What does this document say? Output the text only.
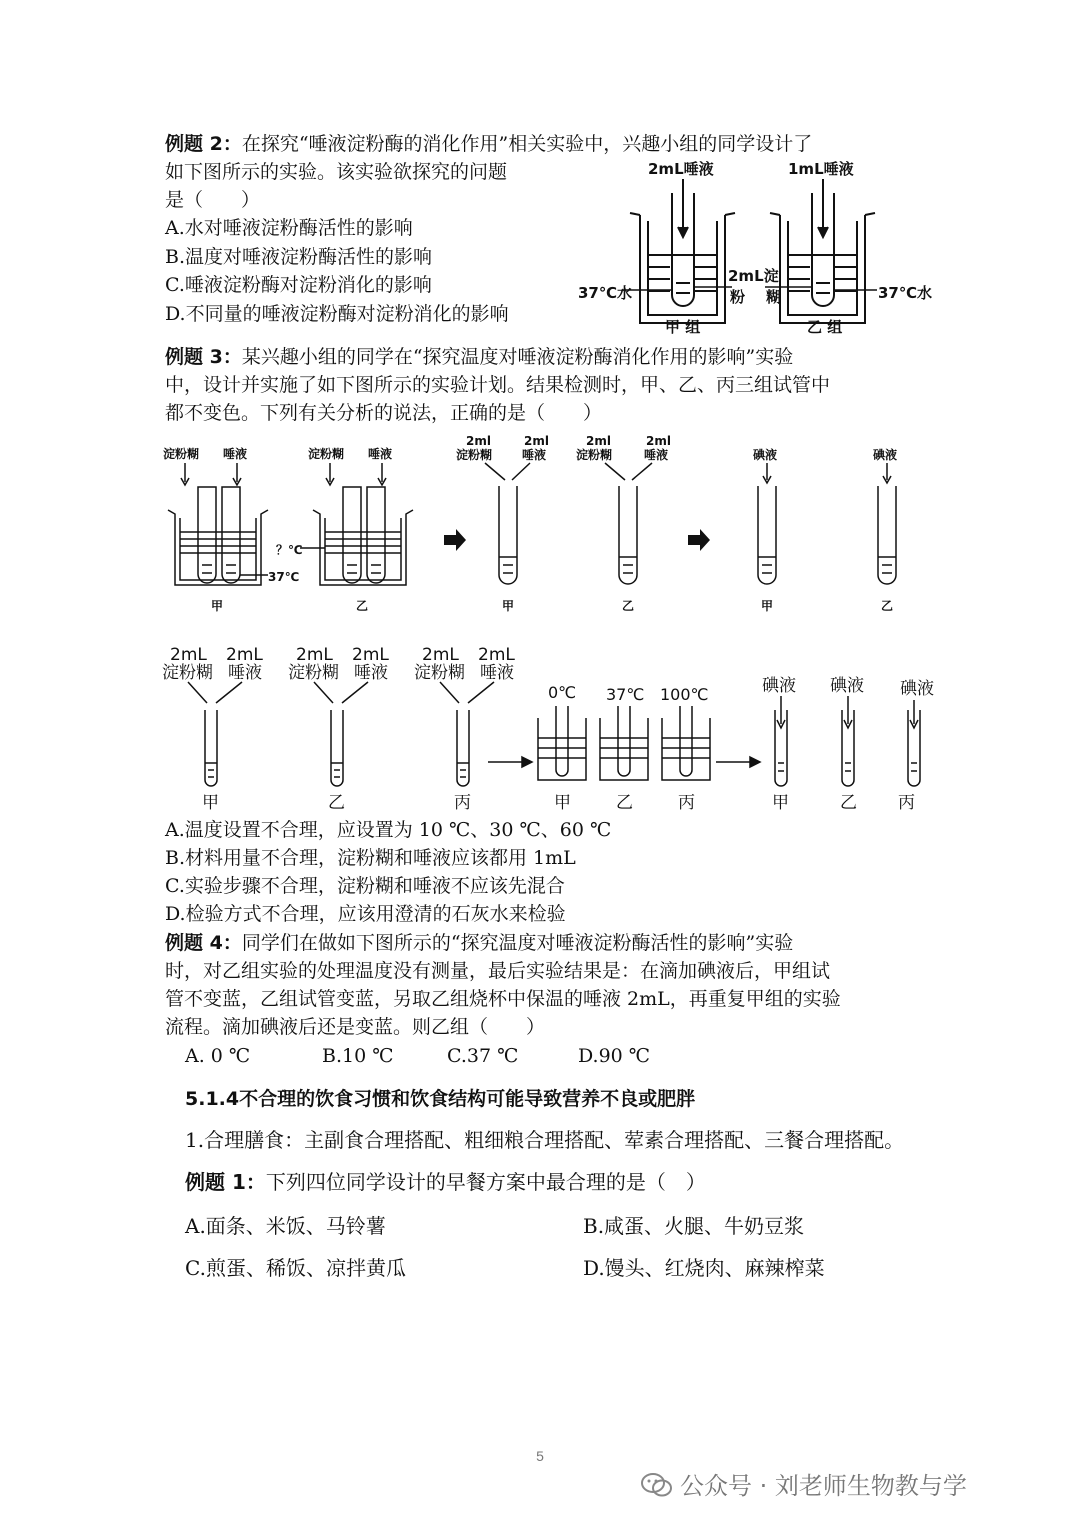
例题 2：在探究“唾液淀粉酶的消化作用”相关实验中，兴趣小组的同学设计了
如下图所示的实验。该实验欲探究的问题
是（　　）
A.水对唾液淀粉酶活性的影响
B.温度对唾液淀粉酶活性的影响
C.唾液淀粉酶对淀粉消化的影响
D.不同量的唾液淀粉酶对淀粉消化的影响
2mL唾液	1mL唾液
2mL淀
粉 糊
37℃水	37℃水
甲 组	乙 组
例题 3：某兴趣小组的同学在“探究温度对唾液淀粉酶消化作用的影响”实验
中，设计并实施了如下图所示的实验计划。结果检测时，甲、乙、丙三组试管中
都不变色。下列有关分析的说法，正确的是（　　）
淀粉糊 唾液
37℃
甲
淀粉糊 唾液
？℃
乙
2ml
淀粉糊
2ml
唾液
甲
2ml
淀粉糊
2ml
唾液
乙
碘液
甲
碘液
乙
2mL 2mL
淀粉糊 唾液
甲
2mL 2mL
淀粉糊 唾液
乙
2mL 2mL
淀粉糊 唾液
丙
0℃ 37℃ 100℃
甲	乙	丙
碘液
甲
碘液
乙
碘液
丙
A.温度设置不合理，应设置为 10 ℃、30 ℃、60 ℃
B.材料用量不合理，淀粉糊和唾液应该都用 1mL
C.实验步骤不合理，淀粉糊和唾液不应该先混合
D.检验方式不合理，应该用澄清的石灰水来检验
例题 4：同学们在做如下图所示的“探究温度对唾液淀粉酶活性的影响”实验
时，对乙组实验的处理温度没有测量，最后实验结果是：在滴加碘液后，甲组试
管不变蓝，乙组试管变蓝，另取乙组烧杯中保温的唾液 2mL，再重复甲组的实验
流程。滴加碘液后还是变蓝。则乙组（　　）
A. 0 ℃	B.10 ℃	C.37 ℃	D.90 ℃
5.1.4不合理的饮食习惯和饮食结构可能导致营养不良或肥胖
1.合理膳食：主副食合理搭配、粗细粮合理搭配、荤素合理搭配、三餐合理搭配。
例题 1：下列四位同学设计的早餐方案中最合理的是（　）
A.面条、米饭、马铃薯	B.咸蛋、火腿、牛奶豆浆
C.煎蛋、稀饭、凉拌黄瓜	D.馒头、红烧肉、麻辣榨菜
5
公众号 · 刘老师生物教与学
